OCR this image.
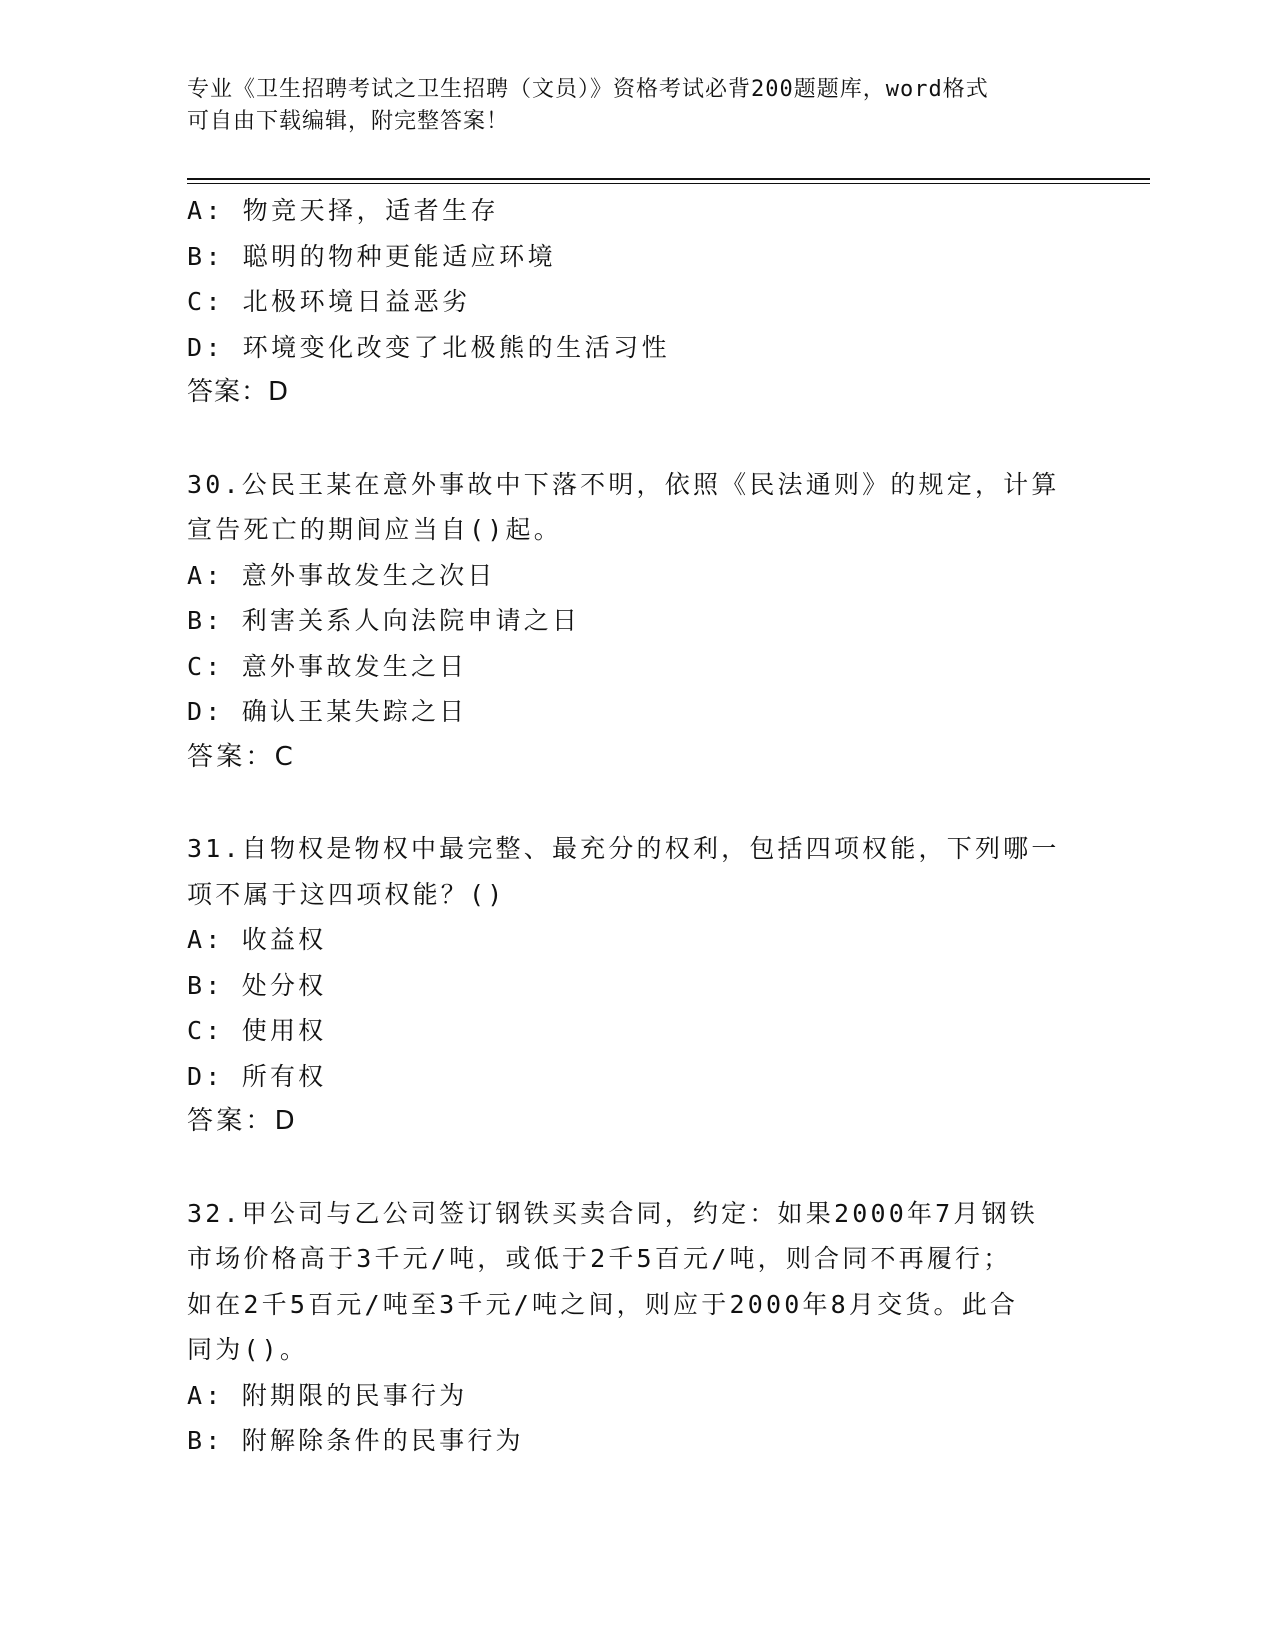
专业《卫生招聘考试之卫生招聘（文员）》资格考试必背200题题库，word格式
可自由下载编辑，附完整答案！
A: 物竞天择，适者生存
B: 聪明的物种更能适应环境
C: 北极环境日益恶劣
D: 环境变化改变了北极熊的生活习性
答案：D
30.公民王某在意外事故中下落不明，依照《民法通则》的规定，计算
宣告死亡的期间应当自()起。
A: 意外事故发生之次日
B: 利害关系人向法院申请之日
C: 意外事故发生之日
D: 确认王某失踪之日
答案：C
31.自物权是物权中最完整、最充分的权利，包括四项权能，下列哪一
项不属于这四项权能？()
A: 收益权
B: 处分权
C: 使用权
D: 所有权
答案：D
32.甲公司与乙公司签订钢铁买卖合同，约定：如果2000年7月钢铁
市场价格高于3千元/吨，或低于2千5百元/吨，则合同不再履行；
如在2千5百元/吨至3千元/吨之间，则应于2000年8月交货。此合
同为()。
A: 附期限的民事行为
B: 附解除条件的民事行为
